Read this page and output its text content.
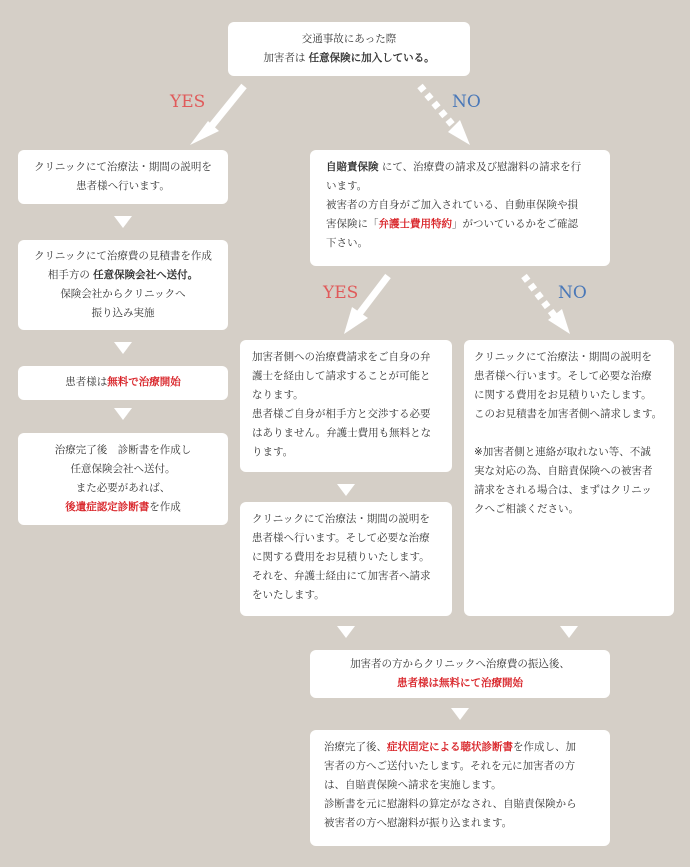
YES	NO
YES	NO

交通事故にあった際

加害者は 任意保険に加入している。

クリニックにて治療法・期間の説明を

患者様へ行います。

クリニックにて治療費の見積書を作成

相手方の 任意保険会社へ送付。

保険会社からクリニックへ

振り込み実施

患者様は無料で治療開始

治療完了後　診断書を作成し

任意保険会社へ送付。

また必要があれば、

後遺症認定診断書を作成

自賠責保険 にて、治療費の請求及び慰謝料の請求を行

います。

被害者の方自身がご加入されている、自動車保険や損

害保険に「弁護士費用特約」がついているかをご確認

下さい。

加害者側への治療費請求をご自身の弁

護士を経由して請求することが可能と

なります。

患者様ご自身が相手方と交渉する必要

はありません。弁護士費用も無料とな

ります。

クリニックにて治療法・期間の説明を

患者様へ行います。そして必要な治療

に関する費用をお見積りいたします。

それを、弁護士経由にて加害者へ請求

をいたします。

クリニックにて治療法・期間の説明を

患者様へ行います。そして必要な治療

に関する費用をお見積りいたします。

このお見積書を加害者側へ請求します。

※加害者側と連絡が取れない等、不誠

実な対応の為、自賠責保険への被害者

請求をされる場合は、まずはクリニッ

クへご相談ください。

加害者の方からクリニックへ治療費の振込後、

患者様は無料にて治療開始

治療完了後、症状固定による聴状診断書を作成し、加

害者の方へご送付いたします。それを元に加害者の方

は、自賠責保険へ請求を実施します。

診断書を元に慰謝料の算定がなされ、自賠責保険から

被害者の方へ慰謝料が振り込まれます。
